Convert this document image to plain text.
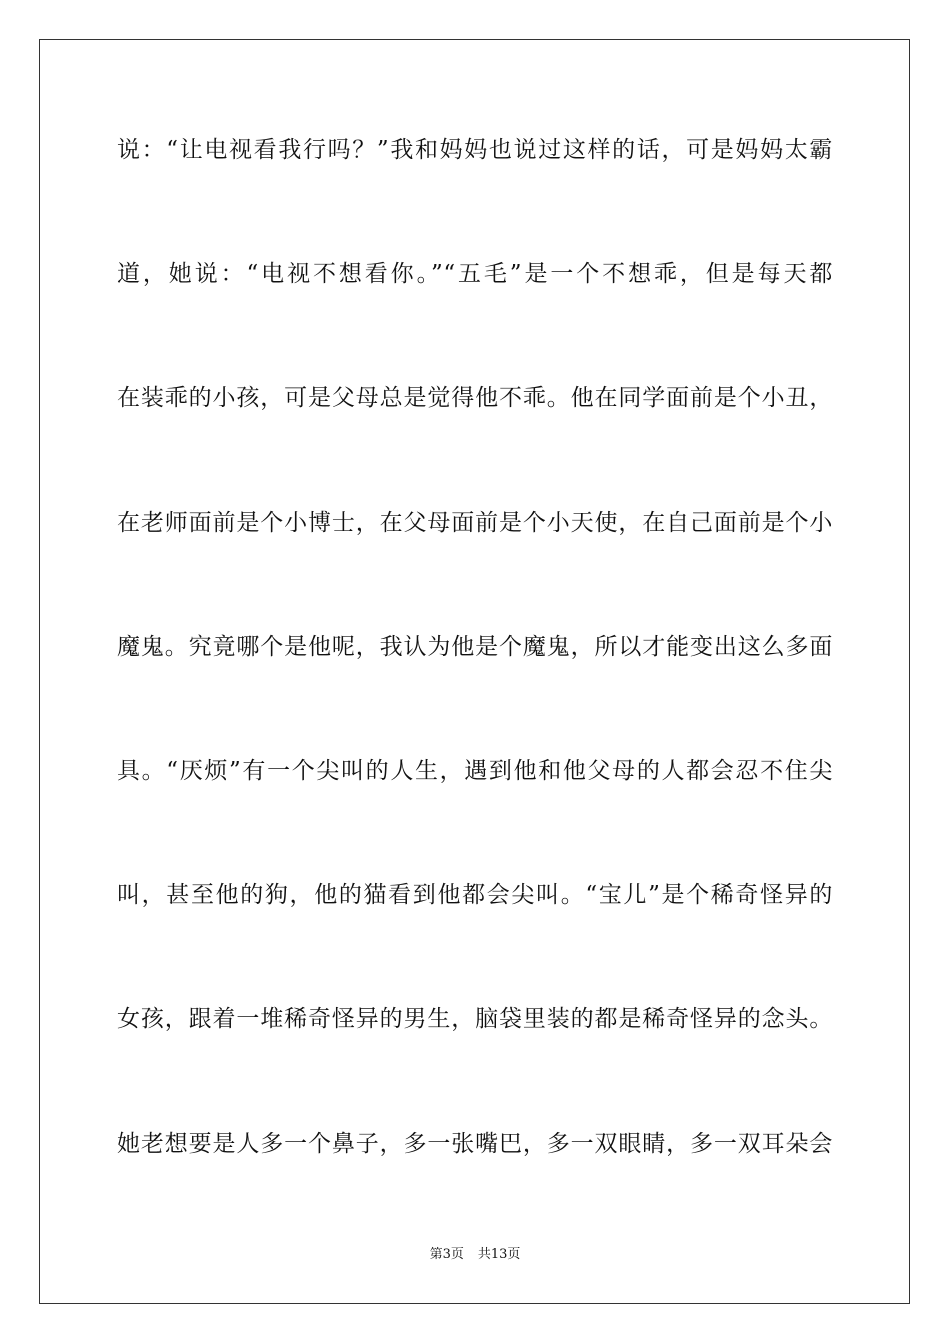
说：“让电视看我行吗？”我和妈妈也说过这样的话，可是妈妈太霸
道，她说：“电视不想看你。”“五毛”是一个不想乖，但是每天都
在装乖的小孩，可是父母总是觉得他不乖。他在同学面前是个小丑，
在老师面前是个小博士，在父母面前是个小天使，在自己面前是个小
魔鬼。究竟哪个是他呢，我认为他是个魔鬼，所以才能变出这么多面
具。“厌烦”有一个尖叫的人生，遇到他和他父母的人都会忍不住尖
叫，甚至他的狗，他的猫看到他都会尖叫。“宝儿”是个稀奇怪异的
女孩，跟着一堆稀奇怪异的男生，脑袋里装的都是稀奇怪异的念头。
她老想要是人多一个鼻子，多一张嘴巴，多一双眼睛，多一双耳朵会
第3页 共13页
